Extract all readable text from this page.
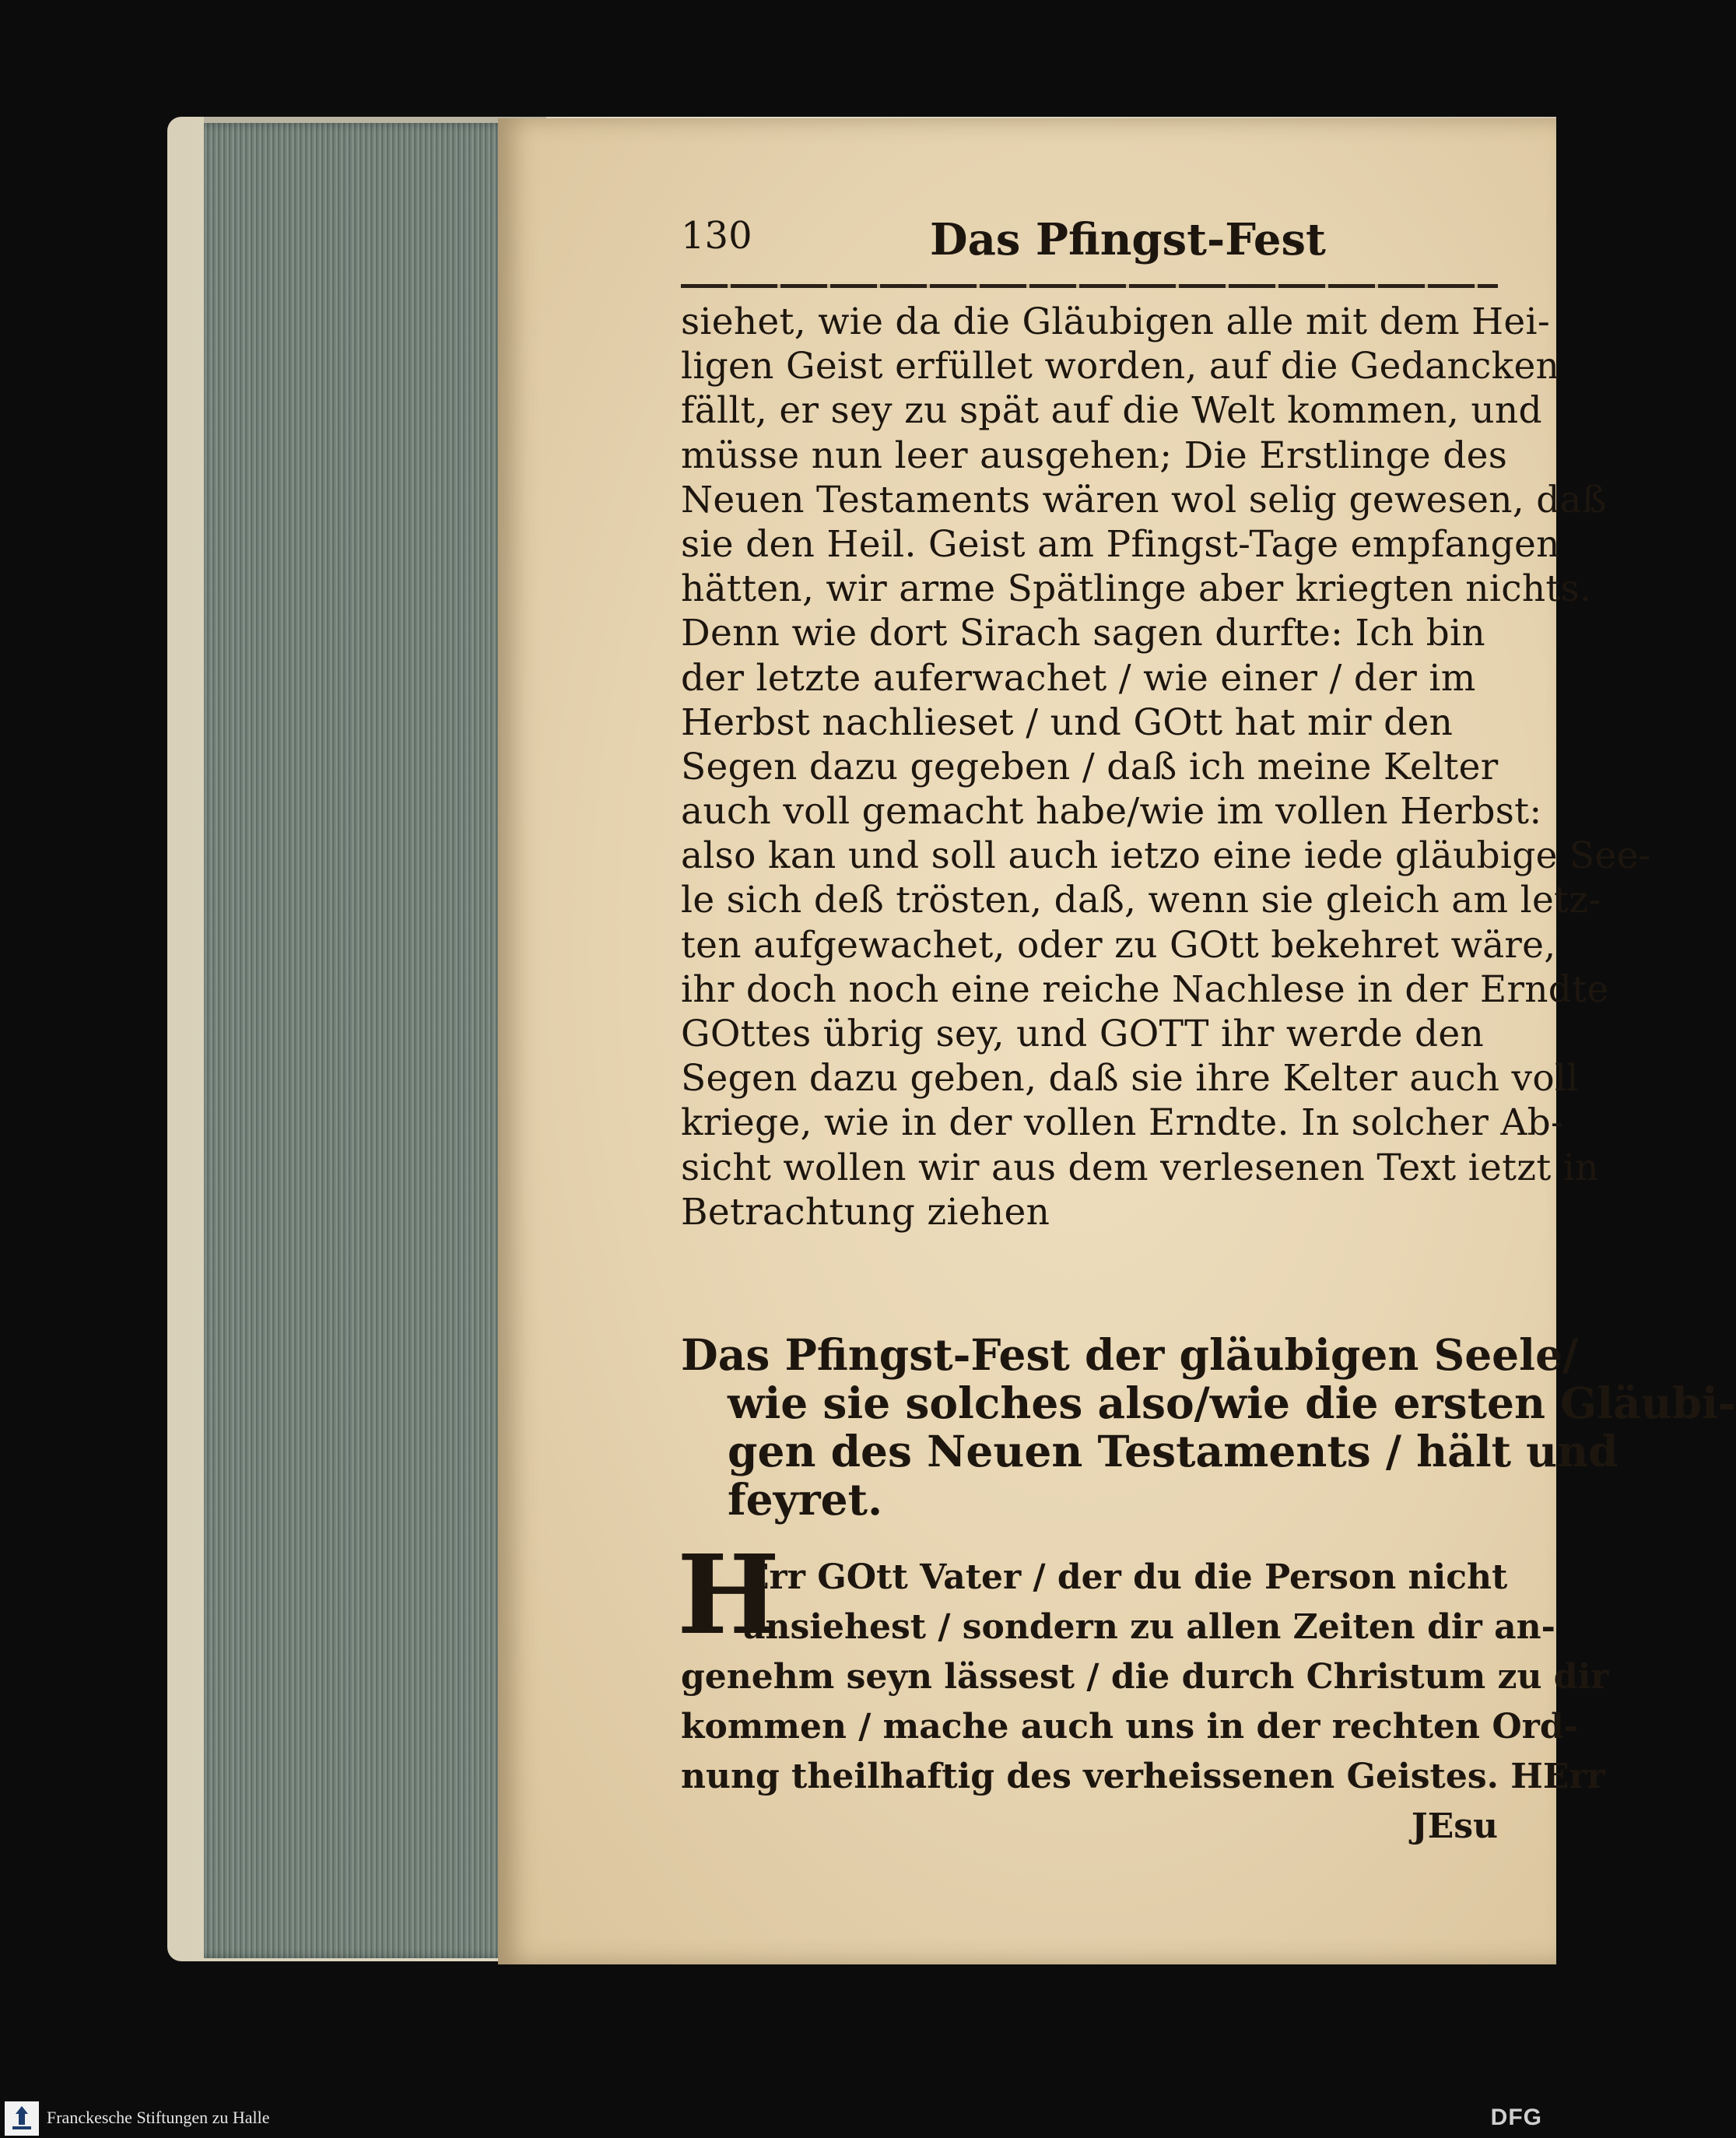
130	Das Pfingst-Fest
siehet, wie da die Gläubigen alle mit dem Hei-
ligen Geist erfüllet worden, auf die Gedancken
fällt, er sey zu spät auf die Welt kommen, und
müsse nun leer ausgehen; Die Erstlinge des
Neuen Testaments wären wol selig gewesen, daß
sie den Heil. Geist am Pfingst-Tage empfangen
hätten, wir arme Spätlinge aber kriegten nichts.
Denn wie dort Sirach sagen durfte: Ich bin
der letzte auferwachet / wie einer / der im
Herbst nachlieset / und GOtt hat mir den
Segen dazu gegeben / daß ich meine Kelter
auch voll gemacht habe/wie im vollen Herbst:
also kan und soll auch ietzo eine iede gläubige See-
le sich deß trösten, daß, wenn sie gleich am letz-
ten aufgewachet, oder zu GOtt bekehret wäre,
ihr doch noch eine reiche Nachlese in der Erndte
GOttes übrig sey, und GOTT ihr werde den
Segen dazu geben, daß sie ihre Kelter auch voll
kriege, wie in der vollen Erndte. In solcher Ab-
sicht wollen wir aus dem verlesenen Text ietzt in
Betrachtung ziehen
Das Pfingst-Fest der gläubigen Seele/
wie sie solches also/wie die ersten Gläubi-
gen des Neuen Testaments / hält und
feyret.
H
Err GOtt Vater / der du die Person nicht
ansiehest / sondern zu allen Zeiten dir an-
genehm seyn lässest / die durch Christum zu dir
kommen / mache auch uns in der rechten Ord-
nung theilhaftig des verheissenen Geistes. HErr
JEsu
Franckesche Stiftungen zu Halle	DFG
